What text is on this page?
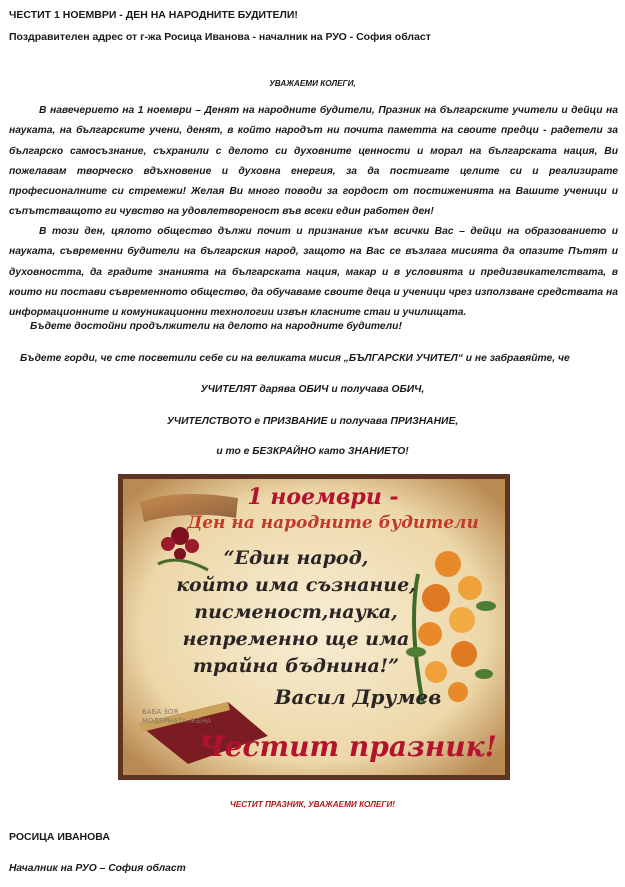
ЧЕСТИТ 1 НОЕМВРИ - ДЕН НА НАРОДНИТЕ БУДИТЕЛИ!
Поздравителен адрес от г-жа Росица Иванова - началник на РУО - София област
УВАЖАЕМИ КОЛЕГИ,
В навечерието на 1 ноември – Денят на народните будители, Празник на българските учители и дейци на науката, на българските учени, денят, в който народът ни почита паметта на своите предци - радетели за българско самосъзнание, съхранили с делото си духовните ценности и морал на българската нация, Ви пожелавам творческо вдъхновение и духовна енергия, за да постигате целите си и реализирате професионалните си стремежи! Желая Ви много поводи за гордост от постиженията на Вашите ученици и съпътстващото ги чувство на удовлетвореност във всеки един работен ден!
В този ден, цялото общество дължи почит и признание към всички Вас – дейци на образованието и науката, съвременни будители на българския народ, защото на Вас се възлага мисията да опазите Пътят и духовността, да градите знанията на българската нация, макар и в условията и предизвикателствата, в които ни постави съвременното общество, да обучаваме своите деца и ученици чрез използване средствата на информационните и комуникационни технологии извън класните стаи и училищата.
Бъдете достойни продължители на делото на народните будители!
Бъдете горди, че сте посветили себе си на великата мисия „БЪЛГАРСКИ УЧИТЕЛ“ и не забравяйте, че
УЧИТЕЛЯТ дарява ОБИЧ и получава ОБИЧ,
УЧИТЕЛСТВОТО е ПРИЗВАНИЕ и получава ПРИЗНАНИЕ,
и то е БЕЗКРАЙНО като ЗНАНИЕТО!
1 ноември -
Ден на народните будители
“Един народ,
който има съзнание,
писменост,наука,
непременно ще има
трайна бъднина!”
Васил Друмев
Честит празник!
БАБА ЗОЯ
МОДЕРНАТА ЖЕНА
ЧЕСТИТ ПРАЗНИК, УВАЖАЕМИ КОЛЕГИ!
РОСИЦА ИВАНОВА
Началник на РУО – София област
